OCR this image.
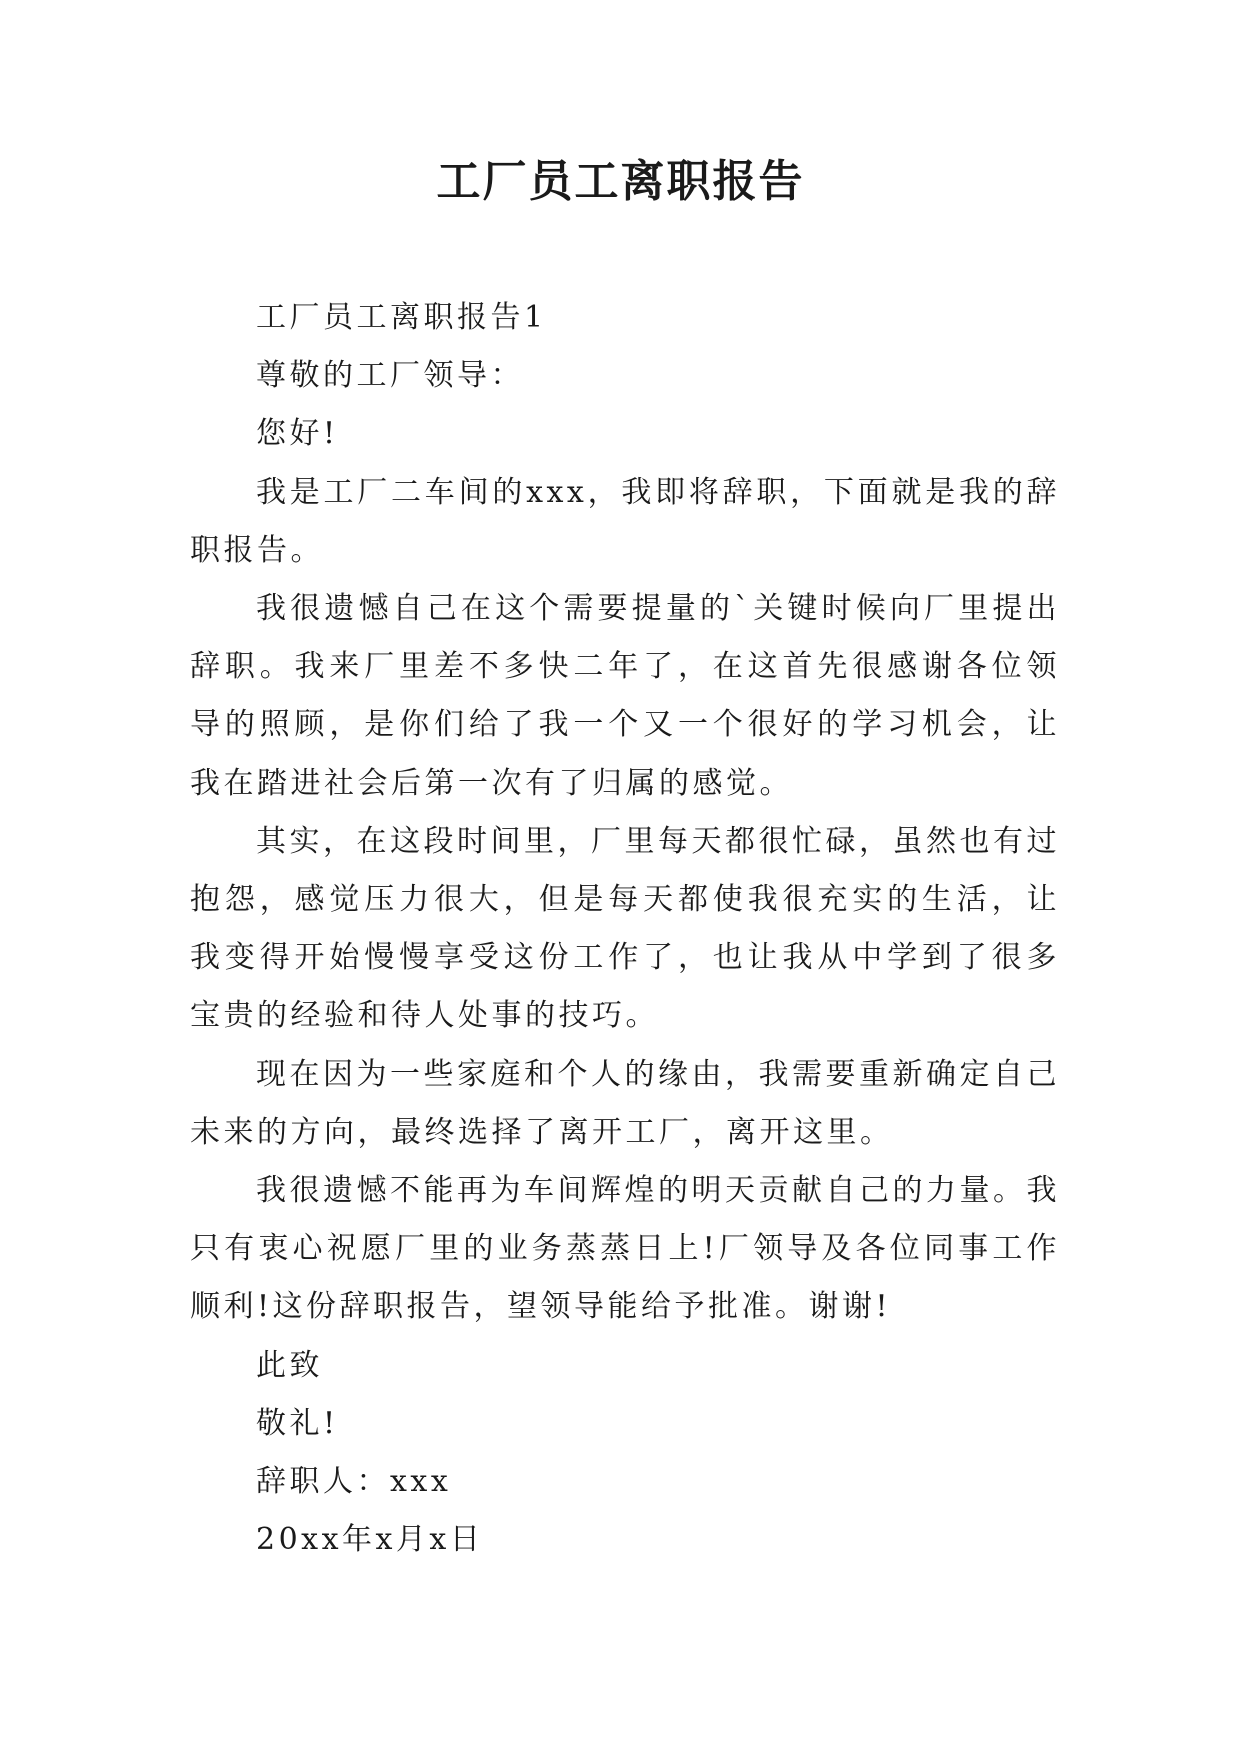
工厂员工离职报告

工厂员工离职报告1

尊敬的工厂领导：

您好!

我是工厂二车间的xxx，我即将辞职，下面就是我的辞职报告。

我很遗憾自己在这个需要提量的`关键时候向厂里提出辞职。我来厂里差不多快二年了，在这首先很感谢各位领导的照顾，是你们给了我一个又一个很好的学习机会，让我在踏进社会后第一次有了归属的感觉。

其实，在这段时间里，厂里每天都很忙碌，虽然也有过抱怨，感觉压力很大，但是每天都使我很充实的生活，让我变得开始慢慢享受这份工作了，也让我从中学到了很多宝贵的经验和待人处事的技巧。

现在因为一些家庭和个人的缘由，我需要重新确定自己未来的方向，最终选择了离开工厂，离开这里。

我很遗憾不能再为车间辉煌的明天贡献自己的力量。我只有衷心祝愿厂里的业务蒸蒸日上!厂领导及各位同事工作顺利!这份辞职报告，望领导能给予批准。谢谢!

此致

敬礼!

辞职人：xxx

20xx年x月x日
